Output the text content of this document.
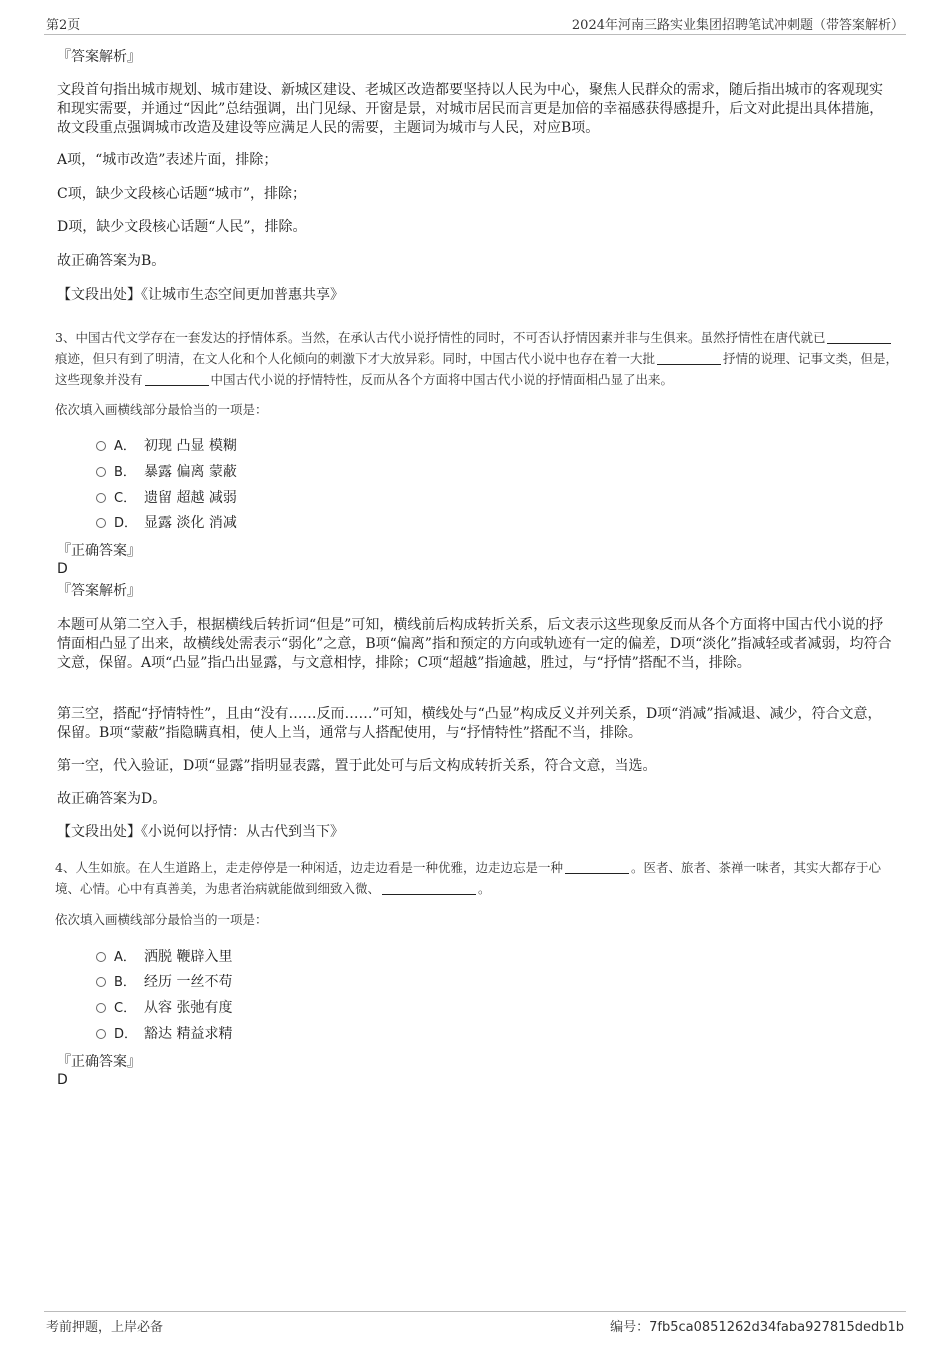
第2页	2024年河南三路实业集团招聘笔试冲刺题（带答案解析）
『答案解析』
文段首句指出城市规划、城市建设、新城区建设、老城区改造都要坚持以人民为中心，聚焦人民群众的需求，随后指出城市的客观现实和现实需要，并通过“因此”总结强调，出门见绿、开窗是景，对城市居民而言更是加倍的幸福感获得感提升，后文对此提出具体措施，故文段重点强调城市改造及建设等应满足人民的需要，主题词为城市与人民，对应B项。
A项，“城市改造”表述片面，排除；
C项，缺少文段核心话题“城市”，排除；
D项，缺少文段核心话题“人民”，排除。
故正确答案为B。
【文段出处】《让城市生态空间更加普惠共享》
3、中国古代文学存在一套发达的抒情体系。当然，在承认古代小说抒情性的同时，不可否认抒情因素并非与生俱来。虽然抒情性在唐代就已痕迹，但只有到了明清，在文人化和个人化倾向的刺激下才大放异彩。同时，中国古代小说中也存在着一大批	抒情的说理、记事文类，但是，这些现象并没有	中国古代小说的抒情特性，反而从各个方面将中国古代小说的抒情面相凸显了出来。
依次填入画横线部分最恰当的一项是：
A． 初现 凸显 模糊
B． 暴露 偏离 蒙蔽
C． 遗留 超越 减弱
D． 显露 淡化 消减
『正确答案』
D
『答案解析』
本题可从第二空入手，根据横线后转折词“但是”可知，横线前后构成转折关系，后文表示这些现象反而从各个方面将中国古代小说的抒情面相凸显了出来，故横线处需表示“弱化”之意，B项“偏离”指和预定的方向或轨迹有一定的偏差，D项“淡化”指减轻或者减弱，均符合文意，保留。A项“凸显”指凸出显露，与文意相悖，排除；C项“超越”指逾越，胜过，与“抒情”搭配不当，排除。
第三空，搭配“抒情特性”，且由“没有……反而……”可知，横线处与“凸显”构成反义并列关系，D项“消减”指减退、减少，符合文意，保留。B项“蒙蔽”指隐瞒真相，使人上当，通常与人搭配使用，与“抒情特性”搭配不当，排除。
第一空，代入验证，D项“显露”指明显表露，置于此处可与后文构成转折关系，符合文意，当选。
故正确答案为D。
【文段出处】《小说何以抒情：从古代到当下》
4、人生如旅。在人生道路上，走走停停是一种闲适，边走边看是一种优雅，边走边忘是一种	。医者、旅者、茶禅一味者，其实大都存于心境、心情。心中有真善美，为患者治病就能做到细致入微、	。
依次填入画横线部分最恰当的一项是：
A． 洒脱 鞭辟入里
B． 经历 一丝不苟
C． 从容 张弛有度
D． 豁达 精益求精
『正确答案』
D
考前押题，上岸必备	编号：7fb5ca0851262d34faba927815dedb1b
